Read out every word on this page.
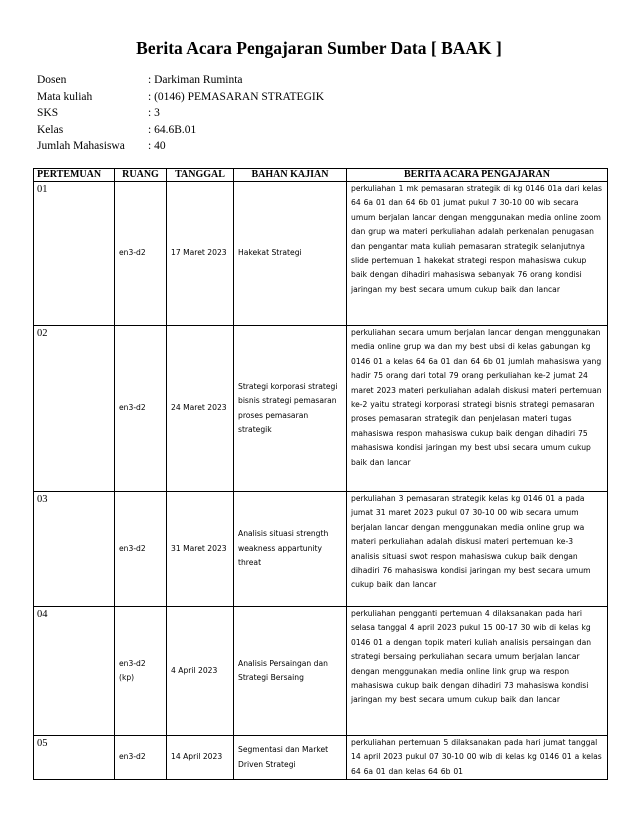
Berita Acara Pengajaran Sumber Data [ BAAK ]
Dosen	: Darkiman Ruminta
Mata kuliah	: (0146) PEMASARAN STRATEGIK
SKS	: 3
Kelas	: 64.6B.01
Jumlah Mahasiswa	: 40
PERTEMUAN	RUANG	TANGGAL	BAHAN KAJIAN	BERITA ACARA PENGAJARAN
01	en3-d2	17 Maret 2023	Hakekat Strategi	perkuliahan 1 mk pemasaran strategik di kg 0146 01a dari kelas 64 6a 01 dan 64 6b 01 jumat pukul 7 30-10 00 wib secara umum berjalan lancar dengan menggunakan media online zoom dan grup wa materi perkuliahan adalah perkenalan penugasan dan pengantar mata kuliah pemasaran strategik selanjutnya slide pertemuan 1 hakekat strategi respon mahasiswa cukup baik dengan dihadiri mahasiswa sebanyak 76 orang kondisi jaringan my best secara umum cukup baik dan lancar

02	en3-d2	24 Maret 2023	Strategi korporasi strategi bisnis strategi pemasaran proses pemasaran strategik	perkuliahan secara umum berjalan lancar dengan menggunakan media online grup wa dan my best ubsi di kelas gabungan kg 0146 01 a kelas 64 6a 01 dan 64 6b 01 jumlah mahasiswa yang hadir 75 orang dari total 79 orang perkuliahan ke-2 jumat 24 maret 2023 materi perkuliahan adalah diskusi materi pertemuan ke-2 yaitu strategi korporasi strategi bisnis strategi pemasaran proses pemasaran strategik dan penjelasan materi tugas mahasiswa respon mahasiswa cukup baik dengan dihadiri 75 mahasiswa kondisi jaringan my best ubsi secara umum cukup baik dan lancar

03	en3-d2	31 Maret 2023	Analisis situasi strength weakness appartunity threat	perkuliahan 3 pemasaran strategik kelas kg 0146 01 a pada jumat 31 maret 2023 pukul 07 30-10 00 wib secara umum berjalan lancar dengan menggunakan media online grup wa materi perkuliahan adalah diskusi materi pertemuan ke-3 analisis situasi swot respon mahasiswa cukup baik dengan dihadiri 76 mahasiswa kondisi jaringan my best secara umum cukup baik dan lancar

04	en3-d2 (kp)	4 April 2023	Analisis Persaingan dan Strategi Bersaing	perkuliahan pengganti pertemuan 4 dilaksanakan pada hari selasa tanggal 4 april 2023 pukul 15 00-17 30 wib di kelas kg 0146 01 a dengan topik materi kuliah analisis persaingan dan strategi bersaing perkuliahan secara umum berjalan lancar dengan menggunakan media online link grup wa respon mahasiswa cukup baik dengan dihadiri 73 mahasiswa kondisi jaringan my best secara umum cukup baik dan lancar

05	en3-d2	14 April 2023	Segmentasi dan Market Driven Strategi	perkuliahan pertemuan 5 dilaksanakan pada hari jumat tanggal 14 april 2023 pukul 07 30-10 00 wib di kelas kg 0146 01 a kelas 64 6a 01 dan kelas 64 6b 01
